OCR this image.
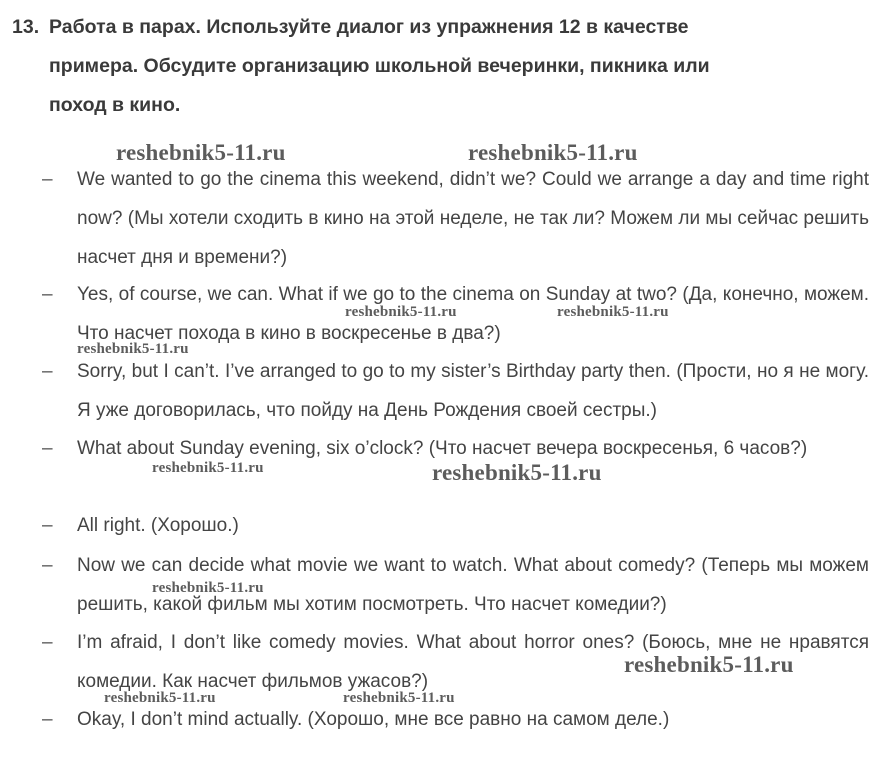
13. Работа в парах. Используйте диалог из упражнения 12 в качестве
примера. Обсудите организацию школьной вечеринки, пикника или
поход в кино.
– We wanted to go the cinema this weekend, didn’t we? Could we arrange a day and time right now? (Мы хотели сходить в кино на этой неделе, не так ли? Можем ли мы сейчас решить насчет дня и времени?)
– Yes, of course, we can. What if we go to the cinema on Sunday at two? (Да, конечно, можем. Что насчет похода в кино в воскресенье в два?)
– Sorry, but I can’t. I’ve arranged to go to my sister’s Birthday party then. (Прости, но я не могу. Я уже договорилась, что пойду на День Рождения своей сестры.)
– What about Sunday evening, six o’clock? (Что насчет вечера воскресенья, 6 часов?)
– All right. (Хорошо.)
– Now we can decide what movie we want to watch. What about comedy? (Теперь мы можем решить, какой фильм мы хотим посмотреть. Что насчет комедии?)
– I’m afraid, I don’t like comedy movies. What about horror ones? (Боюсь, мне не нравятся комедии. Как насчет фильмов ужасов?)
– Okay, I don’t mind actually. (Хорошо, мне все равно на самом деле.)
reshebnik5-11.ru	reshebnik5-11.ru
reshebnik5-11.ru	reshebnik5-11.ru
reshebnik5-11.ru
reshebnik5-11.ru	reshebnik5-11.ru
reshebnik5-11.ru
reshebnik5-11.ru
reshebnik5-11.ru	reshebnik5-11.ru
